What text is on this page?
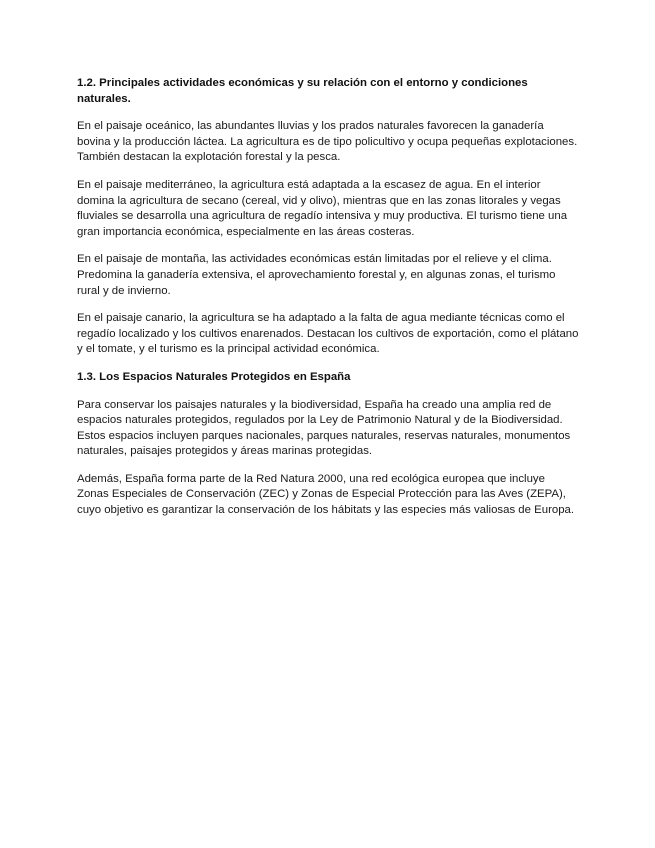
1.2. Principales actividades económicas y su relación con el entorno y condiciones naturales.

En el paisaje oceánico, las abundantes lluvias y los prados naturales favorecen la ganadería bovina y la producción láctea. La agricultura es de tipo policultivo y ocupa pequeñas explotaciones. También destacan la explotación forestal y la pesca.

En el paisaje mediterráneo, la agricultura está adaptada a la escasez de agua. En el interior domina la agricultura de secano (cereal, vid y olivo), mientras que en las zonas litorales y vegas fluviales se desarrolla una agricultura de regadío intensiva y muy productiva. El turismo tiene una gran importancia económica, especialmente en las áreas costeras.

En el paisaje de montaña, las actividades económicas están limitadas por el relieve y el clima. Predomina la ganadería extensiva, el aprovechamiento forestal y, en algunas zonas, el turismo rural y de invierno.

En el paisaje canario, la agricultura se ha adaptado a la falta de agua mediante técnicas como el regadío localizado y los cultivos enarenados. Destacan los cultivos de exportación, como el plátano y el tomate, y el turismo es la principal actividad económica.

1.3. Los Espacios Naturales Protegidos en España

Para conservar los paisajes naturales y la biodiversidad, España ha creado una amplia red de espacios naturales protegidos, regulados por la Ley de Patrimonio Natural y de la Biodiversidad. Estos espacios incluyen parques nacionales, parques naturales, reservas naturales, monumentos naturales, paisajes protegidos y áreas marinas protegidas.

Además, España forma parte de la Red Natura 2000, una red ecológica europea que incluye Zonas Especiales de Conservación (ZEC) y Zonas de Especial Protección para las Aves (ZEPA), cuyo objetivo es garantizar la conservación de los hábitats y las especies más valiosas de Europa.
